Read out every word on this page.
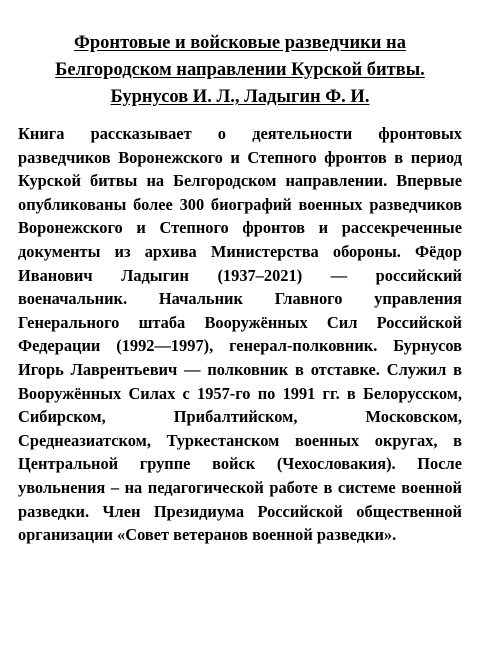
Фронтовые и войсковые разведчики на
Белгородском направлении Курской битвы.
Бурнусов И. Л., Ладыгин Ф. И.

Книга рассказывает о деятельности фронтовых разведчиков Воронежского и Степного фронтов в период Курской битвы на Белгородском направлении. Впервые опубликованы более 300 биографий военных разведчиков Воронежского и Степного фронтов и рассекреченные документы из архива Министерства обороны. Фёдор Иванович Ладыгин (1937–2021) — российский военачальник. Начальник Главного управления Генерального штаба Вооружённых Сил Российской Федерации (1992—1997), генерал-полковник. Бурнусов Игорь Лаврентьевич — полковник в отставке. Служил в Вооружённых Силах с 1957-го по 1991 гг. в Белорусском, Сибирском, Прибалтийском, Московском, Среднеазиатском, Туркестанском военных округах, в Центральной группе войск (Чехословакия). После увольнения – на педагогической работе в системе военной разведки. Член Президиума Российской общественной организации «Совет ветеранов военной разведки».
